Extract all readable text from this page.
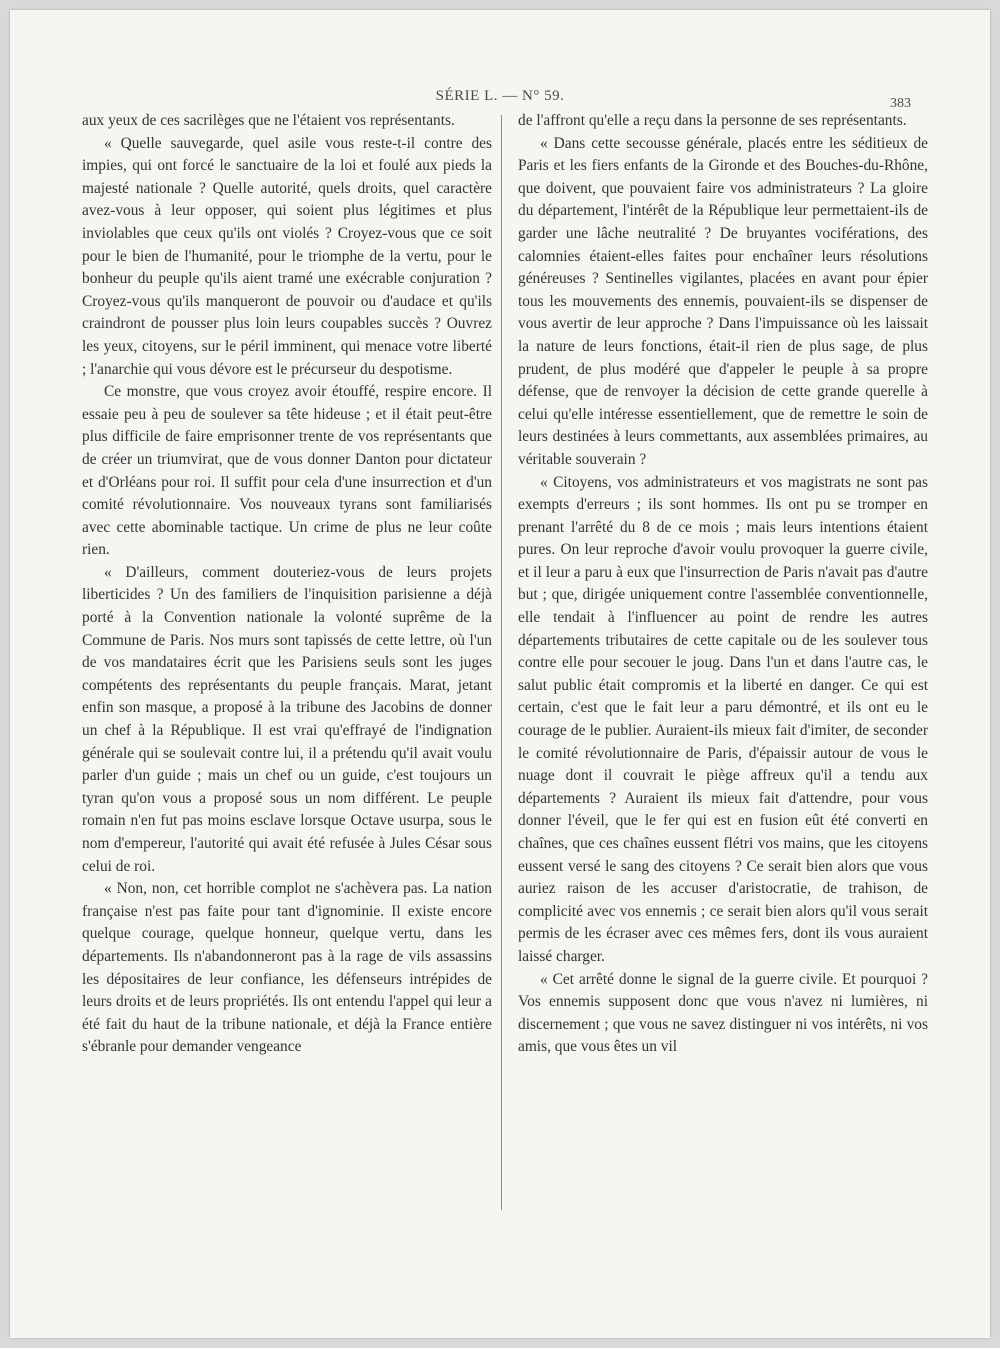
SÉRIE L. — N° 59.	383

aux yeux de ces sacrilèges que ne l'étaient vos représentants.

« Quelle sauvegarde, quel asile vous reste-t-il contre des impies, qui ont forcé le sanctuaire de la loi et foulé aux pieds la majesté nationale ? Quelle autorité, quels droits, quel caractère avez-vous à leur opposer, qui soient plus légitimes et plus inviolables que ceux qu'ils ont violés ? Croyez-vous que ce soit pour le bien de l'humanité, pour le triomphe de la vertu, pour le bonheur du peuple qu'ils aient tramé une exécrable conjuration ? Croyez-vous qu'ils manqueront de pouvoir ou d'audace et qu'ils craindront de pousser plus loin leurs coupables succès ? Ouvrez les yeux, citoyens, sur le péril imminent, qui menace votre liberté ; l'anarchie qui vous dévore est le précurseur du despotisme.

Ce monstre, que vous croyez avoir étouffé, respire encore. Il essaie peu à peu de soulever sa tête hideuse ; et il était peut-être plus difficile de faire emprisonner trente de vos représentants que de créer un triumvirat, que de vous donner Danton pour dictateur et d'Orléans pour roi. Il suffit pour cela d'une insurrection et d'un comité révolutionnaire. Vos nouveaux tyrans sont familiarisés avec cette abominable tactique. Un crime de plus ne leur coûte rien.

« D'ailleurs, comment douteriez-vous de leurs projets liberticides ? Un des familiers de l'inquisition parisienne a déjà porté à la Convention nationale la volonté suprême de la Commune de Paris. Nos murs sont tapissés de cette lettre, où l'un de vos mandataires écrit que les Parisiens seuls sont les juges compétents des représentants du peuple français. Marat, jetant enfin son masque, a proposé à la tribune des Jacobins de donner un chef à la République. Il est vrai qu'effrayé de l'indignation générale qui se soulevait contre lui, il a prétendu qu'il avait voulu parler d'un guide ; mais un chef ou un guide, c'est toujours un tyran qu'on vous a proposé sous un nom différent. Le peuple romain n'en fut pas moins esclave lorsque Octave usurpa, sous le nom d'empereur, l'autorité qui avait été refusée à Jules César sous celui de roi.

« Non, non, cet horrible complot ne s'achèvera pas. La nation française n'est pas faite pour tant d'ignominie. Il existe encore quelque courage, quelque honneur, quelque vertu, dans les départements. Ils n'abandonneront pas à la rage de vils assassins les dépositaires de leur confiance, les défenseurs intrépides de leurs droits et de leurs propriétés. Ils ont entendu l'appel qui leur a été fait du haut de la tribune nationale, et déjà la France entière s'ébranle pour demander vengeance

de l'affront qu'elle a reçu dans la personne de ses représentants.

« Dans cette secousse générale, placés entre les séditieux de Paris et les fiers enfants de la Gironde et des Bouches-du-Rhône, que doivent, que pouvaient faire vos administrateurs ? La gloire du département, l'intérêt de la République leur permettaient-ils de garder une lâche neutralité ? De bruyantes vociférations, des calomnies étaient-elles faites pour enchaîner leurs résolutions généreuses ? Sentinelles vigilantes, placées en avant pour épier tous les mouvements des ennemis, pouvaient-ils se dispenser de vous avertir de leur approche ? Dans l'impuissance où les laissait la nature de leurs fonctions, était-il rien de plus sage, de plus prudent, de plus modéré que d'appeler le peuple à sa propre défense, que de renvoyer la décision de cette grande querelle à celui qu'elle intéresse essentiellement, que de remettre le soin de leurs destinées à leurs commettants, aux assemblées primaires, au véritable souverain ?

« Citoyens, vos administrateurs et vos magistrats ne sont pas exempts d'erreurs ; ils sont hommes. Ils ont pu se tromper en prenant l'arrêté du 8 de ce mois ; mais leurs intentions étaient pures. On leur reproche d'avoir voulu provoquer la guerre civile, et il leur a paru à eux que l'insurrection de Paris n'avait pas d'autre but ; que, dirigée uniquement contre l'assemblée conventionnelle, elle tendait à l'influencer au point de rendre les autres départements tributaires de cette capitale ou de les soulever tous contre elle pour secouer le joug. Dans l'un et dans l'autre cas, le salut public était compromis et la liberté en danger. Ce qui est certain, c'est que le fait leur a paru démontré, et ils ont eu le courage de le publier. Auraient-ils mieux fait d'imiter, de seconder le comité révolutionnaire de Paris, d'épaissir autour de vous le nuage dont il couvrait le piège affreux qu'il a tendu aux départements ? Auraient ils mieux fait d'attendre, pour vous donner l'éveil, que le fer qui est en fusion eût été converti en chaînes, que ces chaînes eussent flétri vos mains, que les citoyens eussent versé le sang des citoyens ? Ce serait bien alors que vous auriez raison de les accuser d'aristocratie, de trahison, de complicité avec vos ennemis ; ce serait bien alors qu'il vous serait permis de les écraser avec ces mêmes fers, dont ils vous auraient laissé charger.

« Cet arrêté donne le signal de la guerre civile. Et pourquoi ? Vos ennemis supposent donc que vous n'avez ni lumières, ni discernement ; que vous ne savez distinguer ni vos intérêts, ni vos amis, que vous êtes un vil
